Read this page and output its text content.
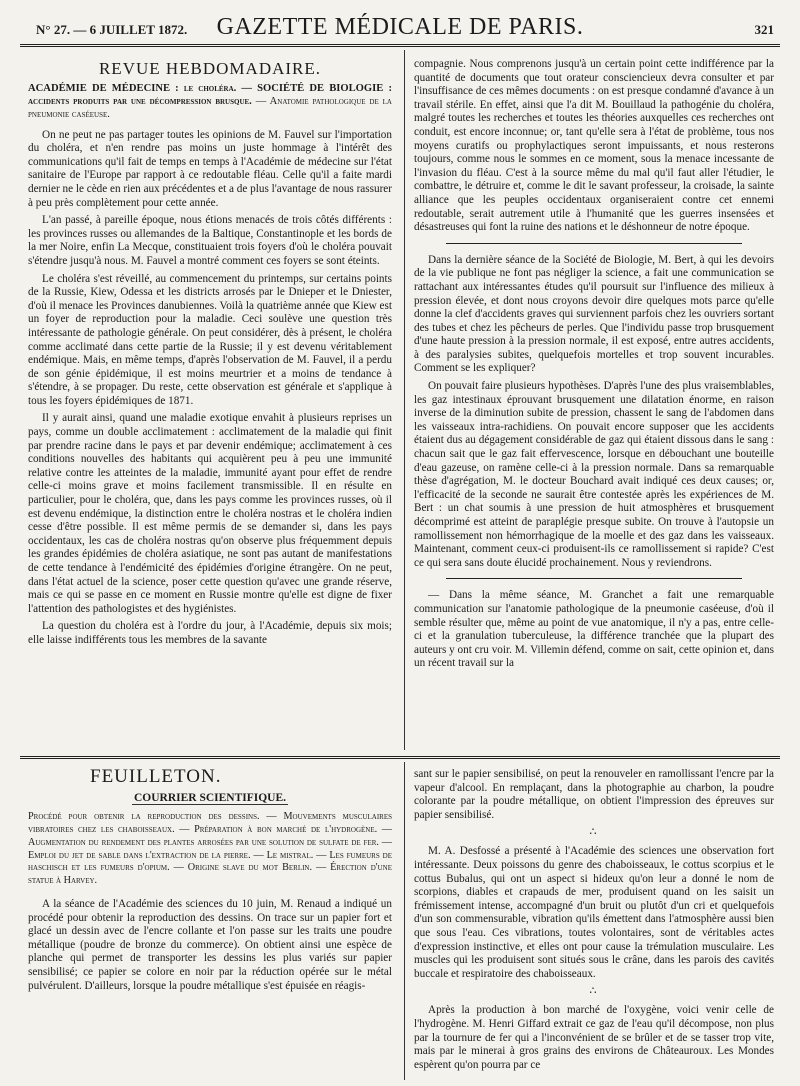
N° 27. — 6 JUILLET 1872.	GAZETTE MÉDICALE DE PARIS.	321
REVUE HEBDOMADAIRE.
ACADÉMIE DE MÉDECINE : le choléra. — SOCIÉTÉ DE BIOLOGIE : accidents produits par une décompression brusque. — Anatomie pathologique de la pneumonie caséeuse.

On ne peut ne pas partager toutes les opinions de M. Fauvel sur l'importation du choléra, et n'en rendre pas moins un juste hommage à l'intérêt des communications qu'il fait de temps en temps à l'Académie de médecine sur l'état sanitaire de l'Europe par rapport à ce redoutable fléau. Celle qu'il a faite mardi dernier ne le cède en rien aux précédentes et a de plus l'avantage de nous rassurer à peu près complètement pour cette année.

L'an passé, à pareille époque, nous étions menacés de trois côtés différents : les provinces russes ou allemandes de la Baltique, Constantinople et les bords de la mer Noire, enfin La Mecque, constituaient trois foyers d'où le choléra pouvait s'étendre jusqu'à nous. M. Fauvel a montré comment ces foyers se sont éteints.

Le choléra s'est réveillé, au commencement du printemps, sur certains points de la Russie, Kiew, Odessa et les districts arrosés par le Dnieper et le Dniester, d'où il menace les Provinces danubiennes. Voilà la quatrième année que Kiew est un foyer de reproduction pour la maladie. Ceci soulève une question très intéressante de pathologie générale. On peut considérer, dès à présent, le choléra comme acclimaté dans cette partie de la Russie; il y est devenu véritablement endémique. Mais, en même temps, d'après l'observation de M. Fauvel, il a perdu de son génie épidémique, il est moins meurtrier et a moins de tendance à s'étendre, à se propager. Du reste, cette observation est générale et s'applique à tous les foyers épidémiques de 1871.

Il y aurait ainsi, quand une maladie exotique envahit à plusieurs reprises un pays, comme un double acclimatement : acclimatement de la maladie qui finit par prendre racine dans le pays et par devenir endémique; acclimatement à ces conditions nouvelles des habitants qui acquièrent peu à peu une immunité relative contre les atteintes de la maladie, immunité ayant pour effet de rendre celle-ci moins grave et moins facilement transmissible. Il en résulte en particulier, pour le choléra, que, dans les pays comme les provinces russes, où il est devenu endémique, la distinction entre le choléra nostras et le choléra indien cesse d'être possible. Il est même permis de se demander si, dans les pays occidentaux, les cas de choléra nostras qu'on observe plus fréquemment depuis les grandes épidémies de choléra asiatique, ne sont pas autant de manifestations de cette tendance à l'endémicité des épidémies d'origine étrangère. On ne peut, dans l'état actuel de la science, poser cette question qu'avec une grande réserve, mais ce qui se passe en ce moment en Russie montre qu'elle est digne de fixer l'attention des pathologistes et des hygiénistes.

La question du choléra est à l'ordre du jour, à l'Académie, depuis six mois; elle laisse indifférents tous les membres de la savante

compagnie. Nous comprenons jusqu'à un certain point cette indifférence par la quantité de documents que tout orateur consciencieux devra consulter et par l'insuffisance de ces mêmes documents : on est presque condamné d'avance à un travail stérile. En effet, ainsi que l'a dit M. Bouillaud la pathogénie du choléra, malgré toutes les recherches et toutes les théories auxquelles ces recherches ont conduit, est encore inconnue; or, tant qu'elle sera à l'état de problème, tous nos moyens curatifs ou prophylactiques seront impuissants, et nous resterons toujours, comme nous le sommes en ce moment, sous la menace incessante de l'invasion du fléau. C'est à la source même du mal qu'il faut aller l'étudier, le combattre, le détruire et, comme le dit le savant professeur, la croisade, la sainte alliance que les peuples occidentaux organiseraient contre cet ennemi redoutable, serait autrement utile à l'humanité que les guerres insensées et désastreuses qui font la ruine des nations et le déshonneur de notre époque.

Dans la dernière séance de la Société de Biologie, M. Bert, à qui les devoirs de la vie publique ne font pas négliger la science, a fait une communication se rattachant aux intéressantes études qu'il poursuit sur l'influence des milieux à pression élevée, et dont nous croyons devoir dire quelques mots parce qu'elle donne la clef d'accidents graves qui surviennent parfois chez les ouvriers sortant des tubes et chez les pêcheurs de perles. Que l'individu passe trop brusquement d'une haute pression à la pression normale, il est exposé, entre autres accidents, à des paralysies subites, quelquefois mortelles et trop souvent incurables. Comment se les expliquer?

On pouvait faire plusieurs hypothèses. D'après l'une des plus vraisemblables, les gaz intestinaux éprouvant brusquement une dilatation énorme, en raison inverse de la diminution subite de pression, chassent le sang de l'abdomen dans les vaisseaux intra-rachidiens. On pouvait encore supposer que les accidents étaient dus au dégagement considérable de gaz qui étaient dissous dans le sang : chacun sait que le gaz fait effervescence, lorsque en débouchant une bouteille d'eau gazeuse, on ramène celle-ci à la pression normale. Dans sa remarquable thèse d'agrégation, M. le docteur Bouchard avait indiqué ces deux causes; or, l'efficacité de la seconde ne saurait être contestée après les expériences de M. Bert : un chat soumis à une pression de huit atmosphères et brusquement décomprimé est atteint de paraplégie presque subite. On trouve à l'autopsie un ramollissement non hémorrhagique de la moelle et des gaz dans les vaisseaux. Maintenant, comment ceux-ci produisent-ils ce ramollissement si rapide? C'est ce qui sera sans doute élucidé prochainement. Nous y reviendrons.

— Dans la même séance, M. Granchet a fait une remarquable communication sur l'anatomie pathologique de la pneumonie caséeuse, d'où il semble résulter que, même au point de vue anatomique, il n'y a pas, entre celle-ci et la granulation tuberculeuse, la différence tranchée que la plupart des auteurs y ont cru voir. M. Villemin défend, comme on sait, cette opinion et, dans un récent travail sur la

FEUILLETON.
COURRIER SCIENTIFIQUE.
Procédé pour obtenir la reproduction des dessins. — Mouvements musculaires vibratoires chez les chaboisseaux. — Préparation à bon marché de l'hydrogène. — Augmentation du rendement des plantes arrosées par une solution de sulfate de fer. — Emploi du jet de sable dans l'extraction de la pierre. — Le mistral. — Les fumeurs de haschisch et les fumeurs d'opium. — Origine slave du mot Berlin. — Érection d'une statue à Harvey.

A la séance de l'Académie des sciences du 10 juin, M. Renaud a indiqué un procédé pour obtenir la reproduction des dessins. On trace sur un papier fort et glacé un dessin avec de l'encre collante et l'on passe sur les traits une poudre métallique (poudre de bronze du commerce). On obtient ainsi une espèce de planche qui permet de transporter les dessins les plus variés sur papier sensibilisé; ce papier se colore en noir par la réduction opérée sur le métal pulvérulent. D'ailleurs, lorsque la poudre métallique s'est épuisée en réagis-

sant sur le papier sensibilisé, on peut la renouveler en ramollissant l'encre par la vapeur d'alcool. En remplaçant, dans la photographie au charbon, la poudre colorante par la poudre métallique, on obtient l'impression des épreuves sur papier sensibilisé.

∴

M. A. Desfossé a présenté à l'Académie des sciences une observation fort intéressante. Deux poissons du genre des chaboisseaux, le cottus scorpius et le cottus Bubalus, qui ont un aspect si hideux qu'on leur a donné le nom de scorpions, diables et crapauds de mer, produisent quand on les saisit un frémissement intense, accompagné d'un bruit ou plutôt d'un cri et quelquefois d'un son commensurable, vibration qu'ils émettent dans l'atmosphère aussi bien que sous l'eau. Ces vibrations, toutes volontaires, sont de véritables actes d'expression instinctive, et elles ont pour cause la trémulation musculaire. Les muscles qui les produisent sont situés sous le crâne, dans les parois des cavités buccale et respiratoire des chaboisseaux.

∴

Après la production à bon marché de l'oxygène, voici venir celle de l'hydrogène. M. Henri Giffard extrait ce gaz de l'eau qu'il décompose, non plus par la tournure de fer qui a l'inconvénient de se brûler et de se tasser trop vite, mais par le minerai à gros grains des environs de Châteauroux. Les Mondes espèrent qu'on pourra par ce
